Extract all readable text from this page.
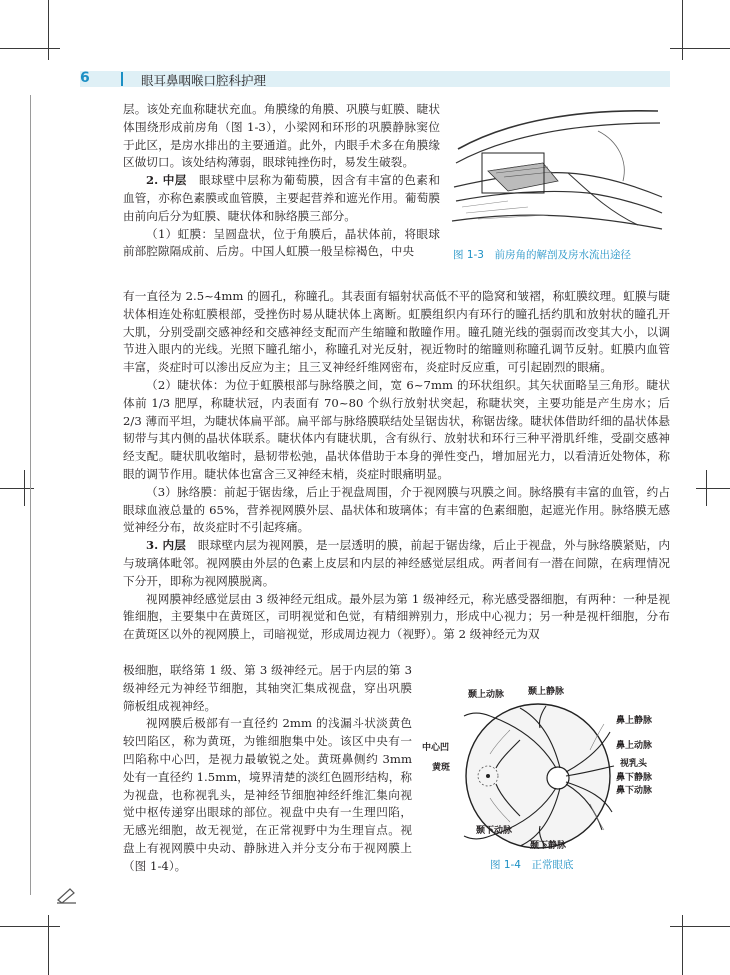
6	眼耳鼻咽喉口腔科护理

层。该处充血称睫状充血。角膜缘的角膜、巩膜与虹膜、睫状体围绕形成前房角（图 1-3），小梁网和环形的巩膜静脉窦位于此区，是房水排出的主要通道。此外，内眼手术多在角膜缘区做切口。该处结构薄弱，眼球钝挫伤时，易发生破裂。

2. 中层　 眼球壁中层称为葡萄膜，因含有丰富的色素和血管，亦称色素膜或血管膜，主要起营养和遮光作用。葡萄膜由前向后分为虹膜、睫状体和脉络膜三部分。

（1）虹膜：呈圆盘状，位于角膜后，晶状体前，将眼球前部腔隙隔成前、后房。中国人虹膜一般呈棕褐色，中央	图 1-3　前房角的解剖及房水流出途径

有一直径为 2.5~4mm 的圆孔，称瞳孔。其表面有辐射状高低不平的隐窝和皱褶，称虹膜纹理。虹膜与睫状体相连处称虹膜根部，受挫伤时易从睫状体上离断。虹膜组织内有环行的瞳孔括约肌和放射状的瞳孔开大肌，分别受副交感神经和交感神经支配而产生缩瞳和散瞳作用。瞳孔随光线的强弱而改变其大小，以调节进入眼内的光线。光照下瞳孔缩小，称瞳孔对光反射，视近物时的缩瞳则称瞳孔调节反射。虹膜内血管丰富，炎症时可以渗出反应为主；且三叉神经纤维网密布，炎症时反应重，可引起剧烈的眼痛。

（2）睫状体：为位于虹膜根部与脉络膜之间，宽 6~7mm 的环状组织。其矢状面略呈三角形。睫状体前 1/3 肥厚，称睫状冠，内表面有 70~80 个纵行放射状突起，称睫状突，主要功能是产生房水；后 2/3 薄而平坦，为睫状体扁平部。扁平部与脉络膜联结处呈锯齿状，称锯齿缘。睫状体借助纤细的晶状体悬韧带与其内侧的晶状体联系。睫状体内有睫状肌，含有纵行、放射状和环行三种平滑肌纤维，受副交感神经支配。睫状肌收缩时，悬韧带松弛，晶状体借助于本身的弹性变凸，增加屈光力，以看清近处物体，称眼的调节作用。睫状体也富含三叉神经末梢，炎症时眼痛明显。

（3）脉络膜：前起于锯齿缘，后止于视盘周围，介于视网膜与巩膜之间。脉络膜有丰富的血管，约占眼球血液总量的 65%，营养视网膜外层、晶状体和玻璃体；有丰富的色素细胞，起遮光作用。脉络膜无感觉神经分布，故炎症时不引起疼痛。

3. 内层　 眼球壁内层为视网膜，是一层透明的膜，前起于锯齿缘，后止于视盘，外与脉络膜紧贴，内与玻璃体毗邻。视网膜由外层的色素上皮层和内层的神经感觉层组成。两者间有一潜在间隙，在病理情况下分开，即称为视网膜脱离。

视网膜神经感觉层由 3 级神经元组成。最外层为第 1 级神经元，称光感受器细胞，有两种：一种是视锥细胞，主要集中在黄斑区，司明视觉和色觉，有精细辨别力，形成中心视力；另一种是视杆细胞，分布在黄斑区以外的视网膜上，司暗视觉，形成周边视力（视野）。第 2 级神经元为双

极细胞，联络第 1 级、第 3 级神经元。居于内层的第 3 级神经元为神经节细胞，其轴突汇集成视盘，穿出巩膜筛板组成视神经。

视网膜后极部有一直径约 2mm 的浅漏斗状淡黄色较凹陷区，称为黄斑，为锥细胞集中处。该区中央有一凹陷称中心凹，是视力最敏锐之处。黄斑鼻侧约 3mm 处有一直径约 1.5mm，境界清楚的淡红色圆形结构，称为视盘，也称视乳头，是神经节细胞神经纤维汇集向视觉中枢传递穿出眼球的部位。视盘中央有一生理凹陷，无感光细胞，故无视觉，在正常视野中为生理盲点。视盘上有视网膜中央动、静脉进入并分支分布于视网膜上（图 1-4）。

颞上动脉	颞上静脉
鼻上静脉
鼻上动脉
中心凹
黄斑	视乳头
鼻下静脉
鼻下动脉
颞下动脉
颞下静脉
图 1-4　正常眼底
